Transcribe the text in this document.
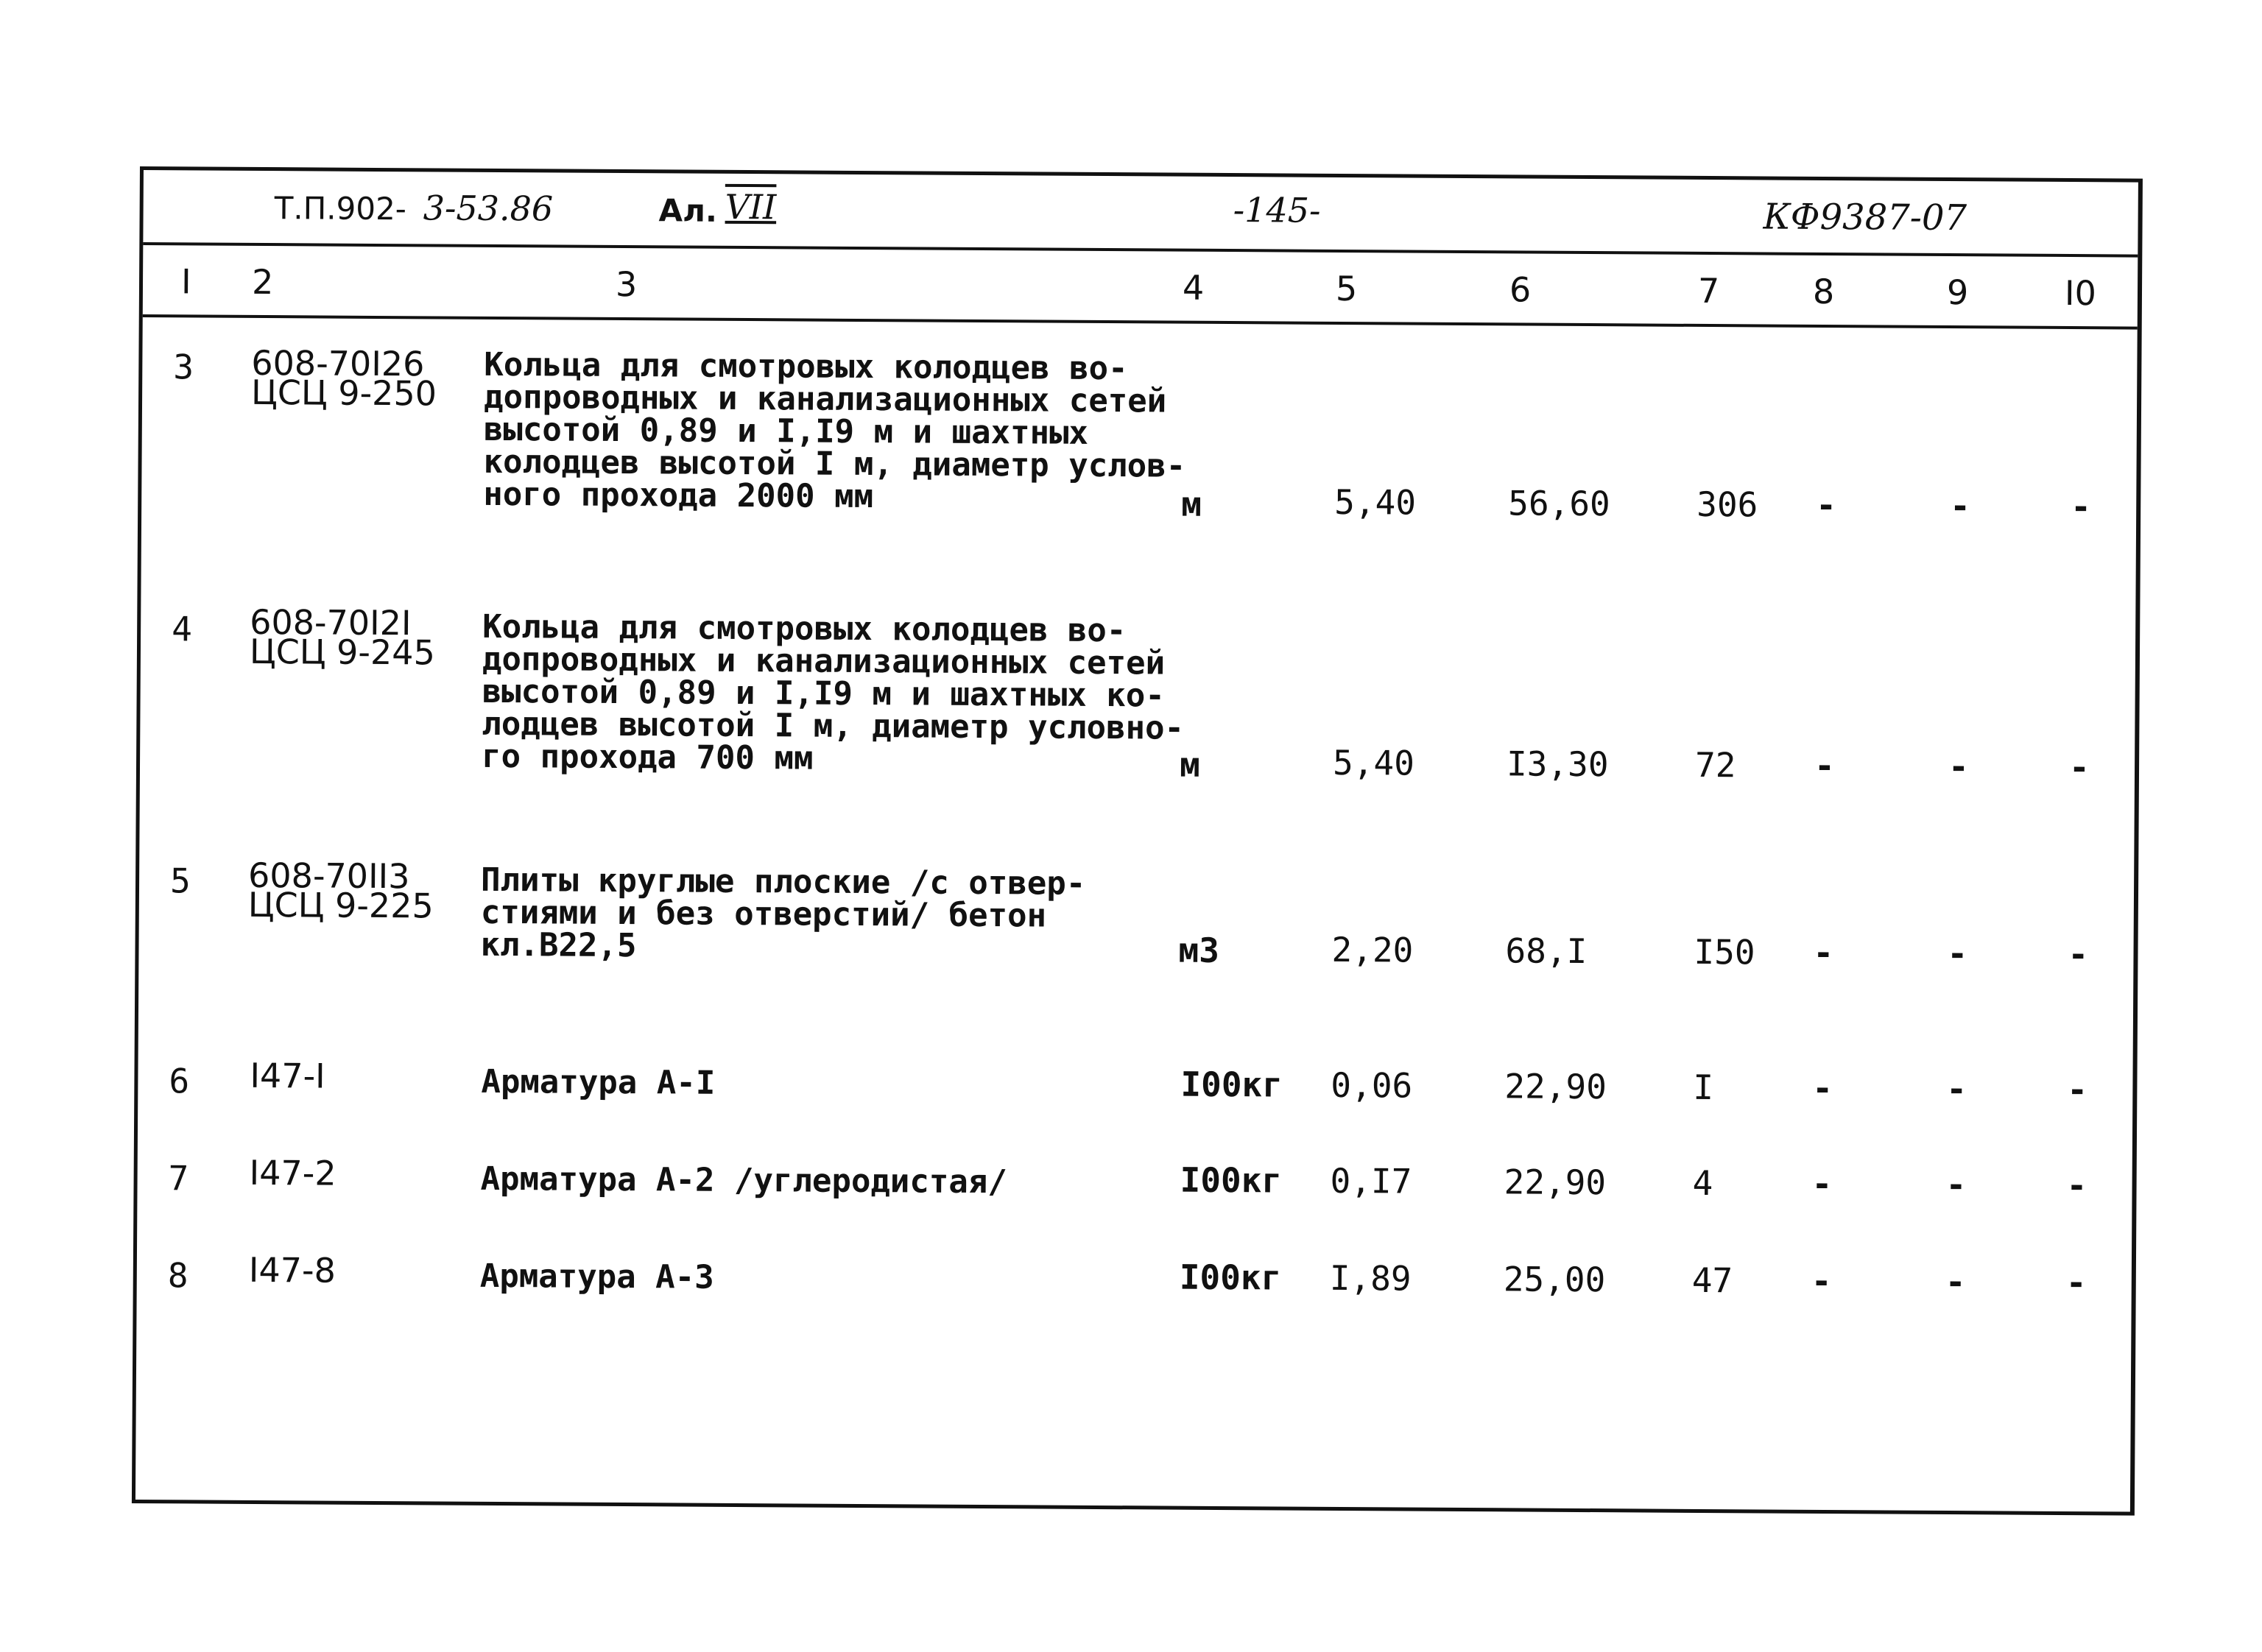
Т.П.902- 3-53.86	Ал. VII	-145-	КФ9387-07
I 2	3	4	5	6	7	8	9	I0
3 608-70I26
ЦСЦ 9-250
Кольца для смотровых колодцев во-
допроводных и канализационных сетей
высотой 0,89 и I,I9 м и шахтных
колодцев высотой I м, диаметр услов-
ного прохода 2000 мм	м	5,40	56,60	306 -	-	-
4 608-70I2I
ЦСЦ 9-245
Кольца для смотровых колодцев во-
допроводных и канализационных сетей
высотой 0,89 и I,I9 м и шахтных ко-
лодцев высотой I м, диаметр условно-
го прохода 700 мм	м	5,40	I3,30	72 -	-	-
5 608-70II3
ЦСЦ 9-225
Плиты круглые плоские /с отвер-
стиями и без отверстий/ бетон
кл.В22,5	м3	2,20	68,I	I50 -	-	-
6 I47-I	Арматура А-I	I00кг 0,06	22,90	I	-	-	-
7 I47-2	Арматура А-2 /углеродистая/	I00кг 0,I7	22,90	4	-	-	-
8 I47-8	Арматура А-3	I00кг I,89	25,00	47 -	-	-
